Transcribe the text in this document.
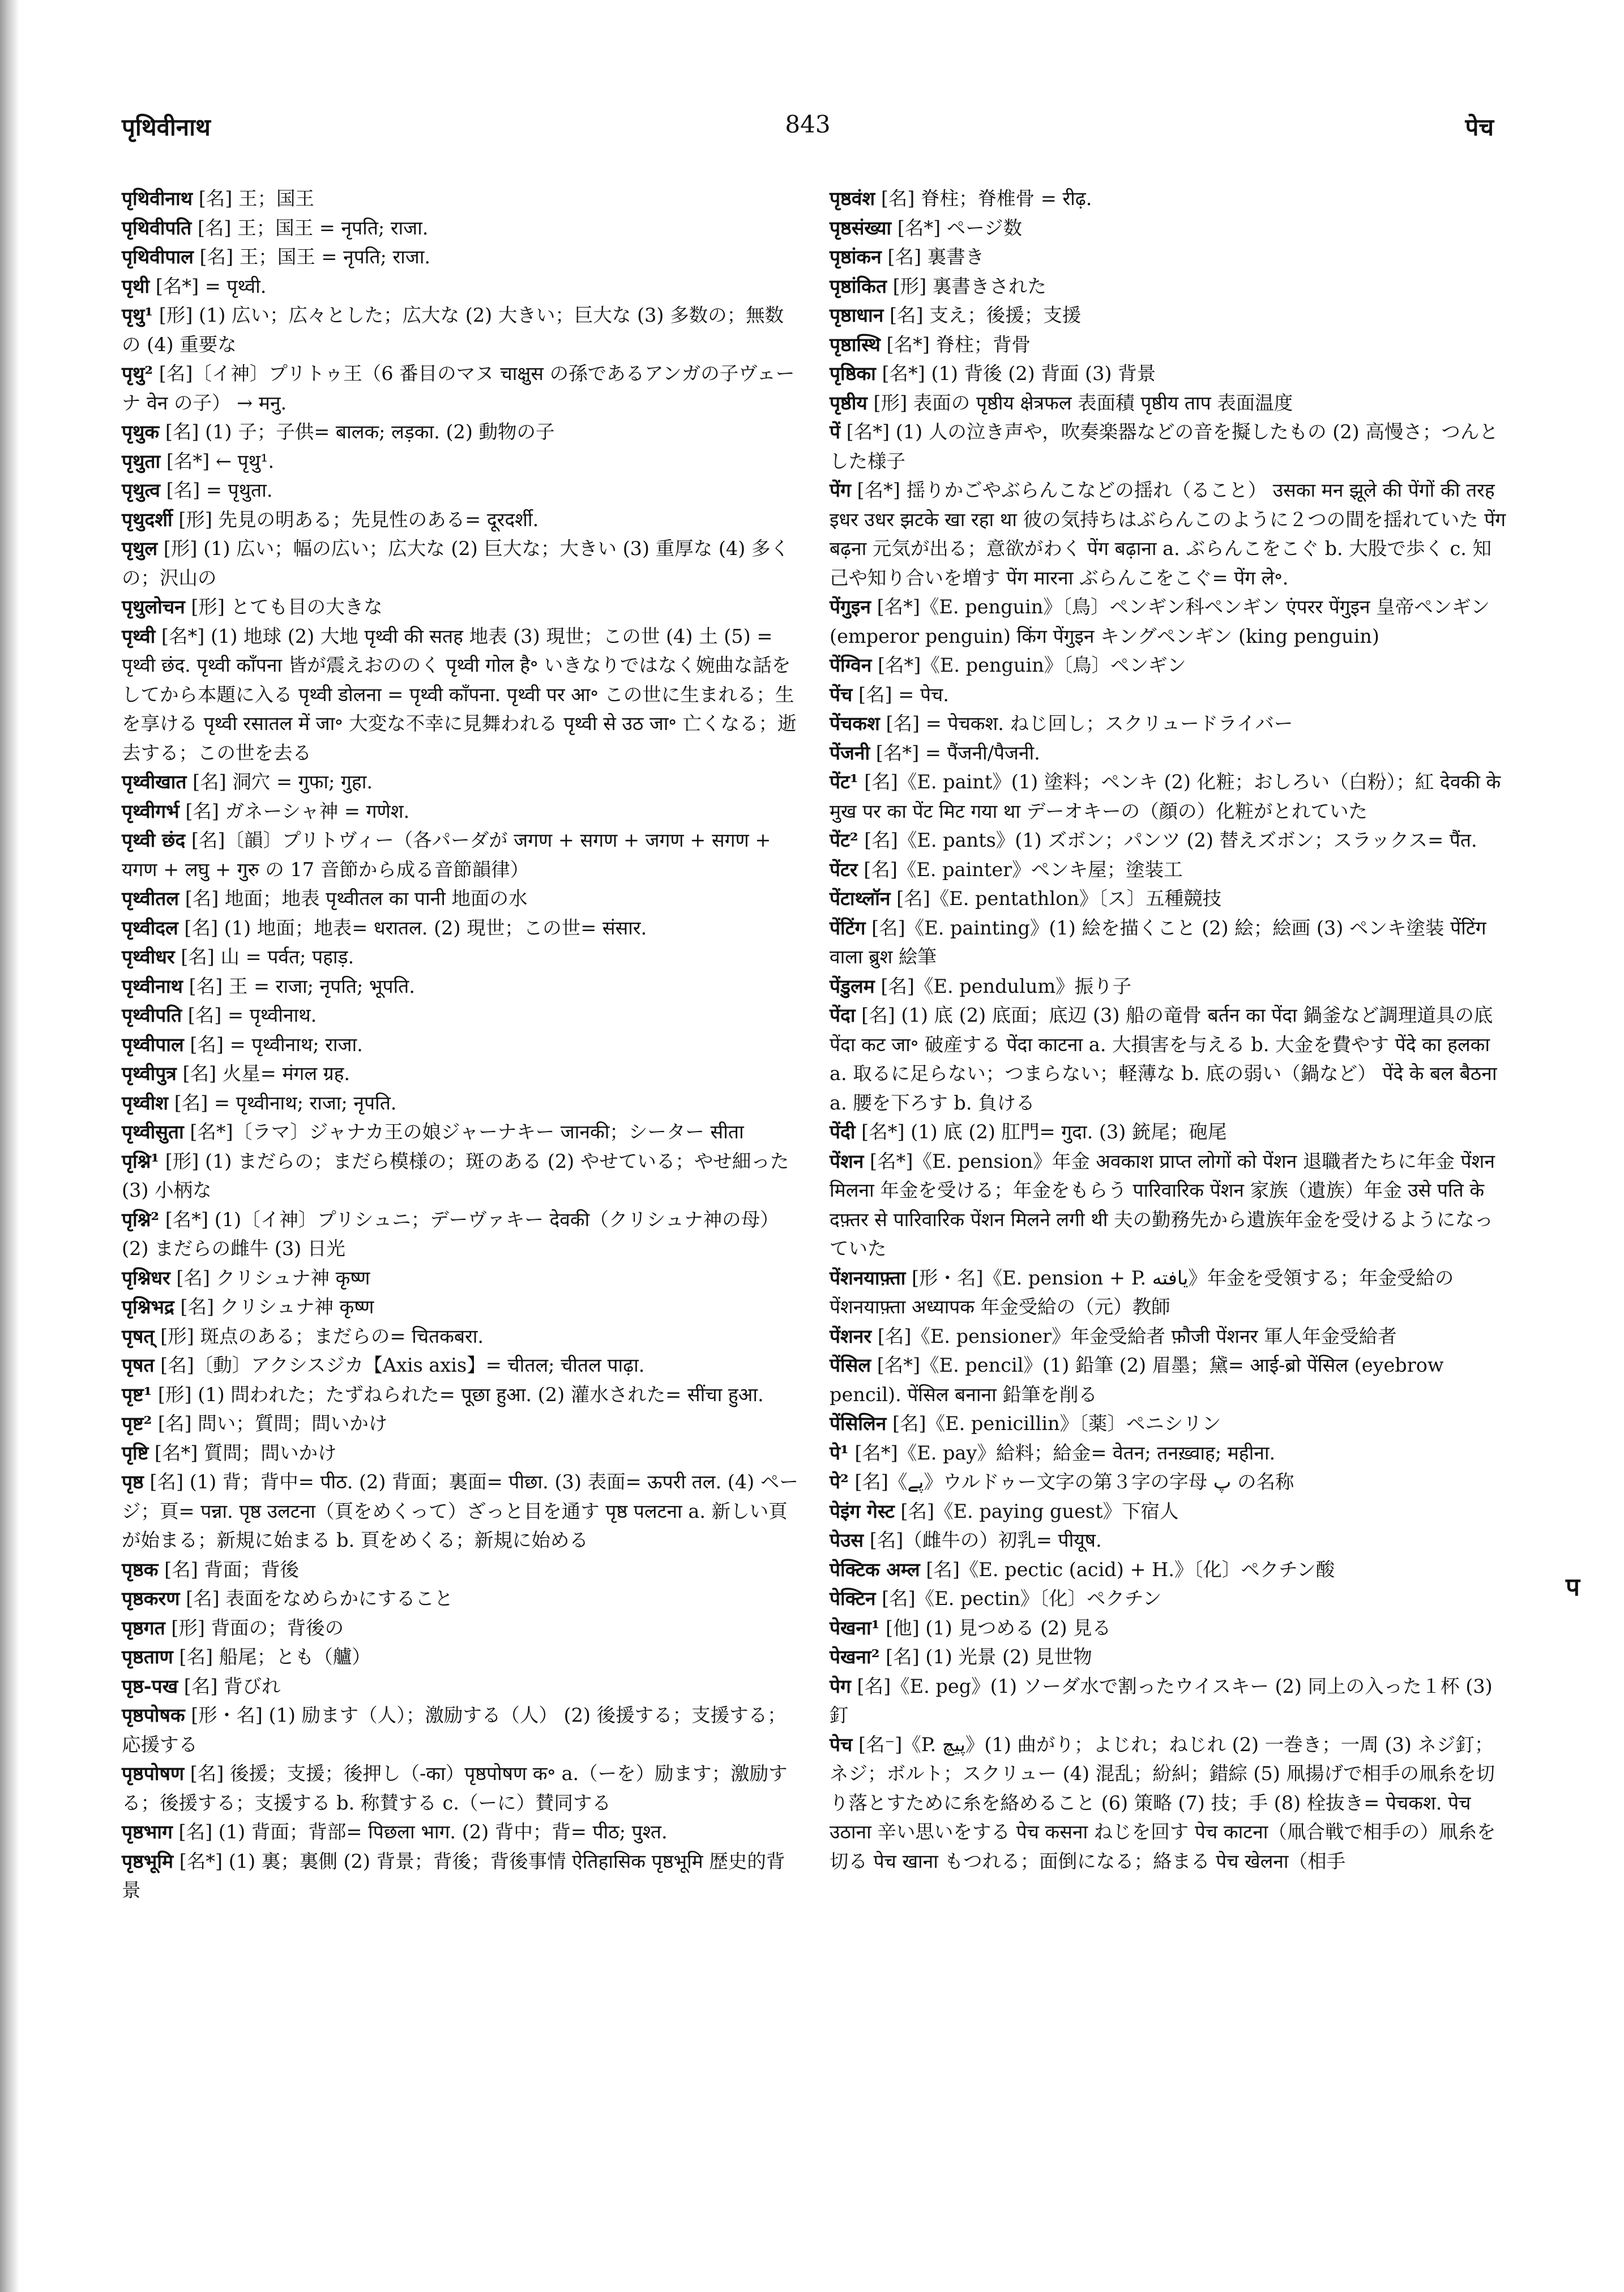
पृथिवीनाथ	843	पेच

पृथिवीनाथ [名] 王；国王

पृथिवीपति [名] 王；国王 = नृपति; राजा.

पृथिवीपाल [名] 王；国王 = नृपति; राजा.

पृथी [名*] = पृथ्वी.

पृथु¹ [形] (1) 広い；広々とした；広大な (2) 大きい；巨大な (3) 多数の；無数の (4) 重要な

पृथु² [名]〔イ神〕プリトゥ王（6 番目のマヌ चाक्षुस の孫であるアンガの子ヴェーナ वेन の子） → मनु.

पृथुक [名] (1) 子；子供= बालक; लड़का. (2) 動物の子

पृथुता [名*] ← पृथु¹.

पृथुत्व [名] = पृथुता.

पृथुदर्शी [形] 先見の明ある；先見性のある= दूरदर्शी.

पृथुल [形] (1) 広い；幅の広い；広大な (2) 巨大な；大きい (3) 重厚な (4) 多くの；沢山の

पृथुलोचन [形] とても目の大きな

पृथ्वी [名*] (1) 地球 (2) 大地 पृथ्वी की सतह 地表 (3) 現世；この世 (4) 土 (5) = पृथ्वी छंद. पृथ्वी काँपना 皆が震えおののく पृथ्वी गोल है॰ いきなりではなく婉曲な話をしてから本題に入る पृथ्वी डोलना = पृथ्वी काँपना. पृथ्वी पर आ॰ この世に生まれる；生を享ける पृथ्वी रसातल में जा॰ 大変な不幸に見舞われる पृथ्वी से उठ जा॰ 亡くなる；逝去する；この世を去る

पृथ्वीखात [名] 洞穴 = गुफा; गुहा.

पृथ्वीगर्भ [名] ガネーシャ神 = गणेश.

पृथ्वी छंद [名]〔韻〕プリトヴィー（各パーダが जगण + सगण + जगण + सगण + यगण + लघु + गुरु の 17 音節から成る音節韻律）

पृथ्वीतल [名] 地面；地表 पृथ्वीतल का पानी 地面の水

पृथ्वीदल [名] (1) 地面；地表= धरातल. (2) 現世；この世= संसार.

पृथ्वीधर [名] 山 = पर्वत; पहाड़.

पृथ्वीनाथ [名] 王 = राजा; नृपति; भूपति.

पृथ्वीपति [名] = पृथ्वीनाथ.

पृथ्वीपाल [名] = पृथ्वीनाथ; राजा.

पृथ्वीपुत्र [名] 火星= मंगल ग्रह.

पृथ्वीश [名] = पृथ्वीनाथ; राजा; नृपति.

पृथ्वीसुता [名*]〔ラマ〕ジャナカ王の娘ジャーナキー जानकी；シーター सीता

पृश्नि¹ [形] (1) まだらの；まだら模様の；斑のある (2) やせている；やせ細った (3) 小柄な

पृश्नि² [名*] (1)〔イ神〕プリシュニ；デーヴァキー देवकी（クリシュナ神の母） (2) まだらの雌牛 (3) 日光

पृश्निधर [名] クリシュナ神 कृष्ण

पृश्निभद्र [名] クリシュナ神 कृष्ण

पृषत् [形] 斑点のある；まだらの= चितकबरा.

पृषत [名]〔動〕アクシスジカ【Axis axis】= चीतल; चीतल पाढ़ा.

पृष्ट¹ [形] (1) 問われた；たずねられた= पूछा हुआ. (2) 灌水された= सींचा हुआ.

पृष्ट² [名] 問い；質問；問いかけ

पृष्टि [名*] 質問；問いかけ

पृष्ठ [名] (1) 背；背中= पीठ. (2) 背面；裏面= पीछा. (3) 表面= ऊपरी तल. (4) ページ；頁= पन्ना. पृष्ठ उलटना（頁をめくって）ざっと目を通す पृष्ठ पलटना a. 新しい頁が始まる；新規に始まる b. 頁をめくる；新規に始める

पृष्ठक [名] 背面；背後

पृष्ठकरण [名] 表面をなめらかにすること

पृष्ठगत [形] 背面の；背後の

पृष्ठताण [名] 船尾；とも（艫）

पृष्ठ-पख [名] 背びれ

पृष्ठपोषक [形・名] (1) 励ます（人）；激励する（人） (2) 後援する；支援する；応援する

पृष्ठपोषण [名] 後援；支援；後押し（-का）पृष्ठपोषण क॰ a.（ーを）励ます；激励する；後援する；支援する b. 称賛する c.（ーに）賛同する

पृष्ठभाग [名] (1) 背面；背部= पिछला भाग. (2) 背中；背= पीठ; पुश्त.

पृष्ठभूमि [名*] (1) 裏；裏側 (2) 背景；背後；背後事情 ऐतिहासिक पृष्ठभूमि 歴史的背景

पृष्ठवंश [名] 脊柱；脊椎骨 = रीढ़.

पृष्ठसंख्या [名*] ページ数

पृष्ठांकन [名] 裏書き

पृष्ठांकित [形] 裏書きされた

पृष्ठाधान [名] 支え；後援；支援

पृष्ठास्थि [名*] 脊柱；背骨

पृष्ठिका [名*] (1) 背後 (2) 背面 (3) 背景

पृष्ठीय [形] 表面の पृष्ठीय क्षेत्रफल 表面積 पृष्ठीय ताप 表面温度

पें [名*] (1) 人の泣き声や，吹奏楽器などの音を擬したもの (2) 高慢さ；つんとした様子

पेंग [名*] 揺りかごやぶらんこなどの揺れ（ること） उसका मन झूले की पेंगों की तरह इधर उधर झटके खा रहा था 彼の気持ちはぶらんこのように２つの間を揺れていた पेंग बढ़ना 元気が出る；意欲がわく पेंग बढ़ाना a. ぶらんこをこぐ b. 大股で歩く c. 知己や知り合いを増す पेंग मारना ぶらんこをこぐ= पेंग ले॰.

पेंगुइन [名*]《E. penguin》〔鳥〕ペンギン科ペンギン एंपरर पेंगुइन 皇帝ペンギン (emperor penguin) किंग पेंगुइन キングペンギン (king penguin)

पेंग्विन [名*]《E. penguin》〔鳥〕ペンギン

पेंच [名] = पेच.

पेंचकश [名] = पेचकश. ねじ回し；スクリュードライバー

पेंजनी [名*] = पैंजनी/पैजनी.

पेंट¹ [名]《E. paint》(1) 塗料；ペンキ (2) 化粧；おしろい（白粉）；紅 देवकी के मुख पर का पेंट मिट गया था デーオキーの（顔の）化粧がとれていた

पेंट² [名]《E. pants》(1) ズボン；パンツ (2) 替えズボン；スラックス= पैंत.

पेंटर [名]《E. painter》ペンキ屋；塗装工

पेंटाथ्लॉन [名]《E. pentathlon》〔ス〕五種競技

पेंटिंग [名]《E. painting》(1) 絵を描くこと (2) 絵；絵画 (3) ペンキ塗装 पेंटिंग वाला ब्रुश 絵筆

पेंडुलम [名]《E. pendulum》振り子

पेंदा [名] (1) 底 (2) 底面；底辺 (3) 船の竜骨 बर्तन का पेंदा 鍋釜など調理道具の底 पेंदा कट जा॰ 破産する पेंदा काटना a. 大損害を与える b. 大金を費やす पेंदे का हलका a. 取るに足らない；つまらない；軽薄な b. 底の弱い（鍋など） पेंदे के बल बैठना a. 腰を下ろす b. 負ける

पेंदी [名*] (1) 底 (2) 肛門= गुदा. (3) 銃尾；砲尾

पेंशन [名*]《E. pension》年金 अवकाश प्राप्त लोगों को पेंशन 退職者たちに年金 पेंशन मिलना 年金を受ける；年金をもらう पारिवारिक पेंशन 家族（遺族）年金 उसे पति के दफ़्तर से पारिवारिक पेंशन मिलने लगी थी 夫の勤務先から遺族年金を受けるようになっていた

पेंशनयाफ़्ता [形・名]《E. pension + P. یافته》年金を受領する；年金受給の पेंशनयाफ़्ता अध्यापक 年金受給の（元）教師

पेंशनर [名]《E. pensioner》年金受給者 फ़ौजी पेंशनर 軍人年金受給者

पेंसिल [名*]《E. pencil》(1) 鉛筆 (2) 眉墨；黛= आई-ब्रो पेंसिल (eyebrow pencil). पेंसिल बनाना 鉛筆を削る

पेंसिलिन [名]《E. penicillin》〔薬〕ペニシリン

पे¹ [名*]《E. pay》給料；給金= वेतन; तनख़्वाह; महीना.

पे² [名]《پے》ウルドゥー文字の第３字の字母 پ の名称

पेइंग गेस्ट [名]《E. paying guest》下宿人

पेउस [名]（雌牛の）初乳= पीयूष.

पेक्टिक अम्ल [名]《E. pectic (acid) + H.》〔化〕ペクチン酸

पेक्टिन [名]《E. pectin》〔化〕ペクチン

पेखना¹ [他] (1) 見つめる (2) 見る

पेखना² [名] (1) 光景 (2) 見世物

पेग [名]《E. peg》(1) ソーダ水で割ったウイスキー (2) 同上の入った１杯 (3) 釘

पेच [名⁻]《P. پیچ》(1) 曲がり；よじれ；ねじれ (2) 一巻き；一周 (3) ネジ釘；ネジ；ボルト；スクリュー (4) 混乱；紛糾；錯綜 (5) 凧揚げで相手の凧糸を切り落とすために糸を絡めること (6) 策略 (7) 技；手 (8) 栓抜き= पेचकश. पेच उठाना 辛い思いをする पेच कसना ねじを回す पेच काटना（凧合戦で相手の）凧糸を切る पेच खाना もつれる；面倒になる；絡まる पेच खेलना（相手

प
